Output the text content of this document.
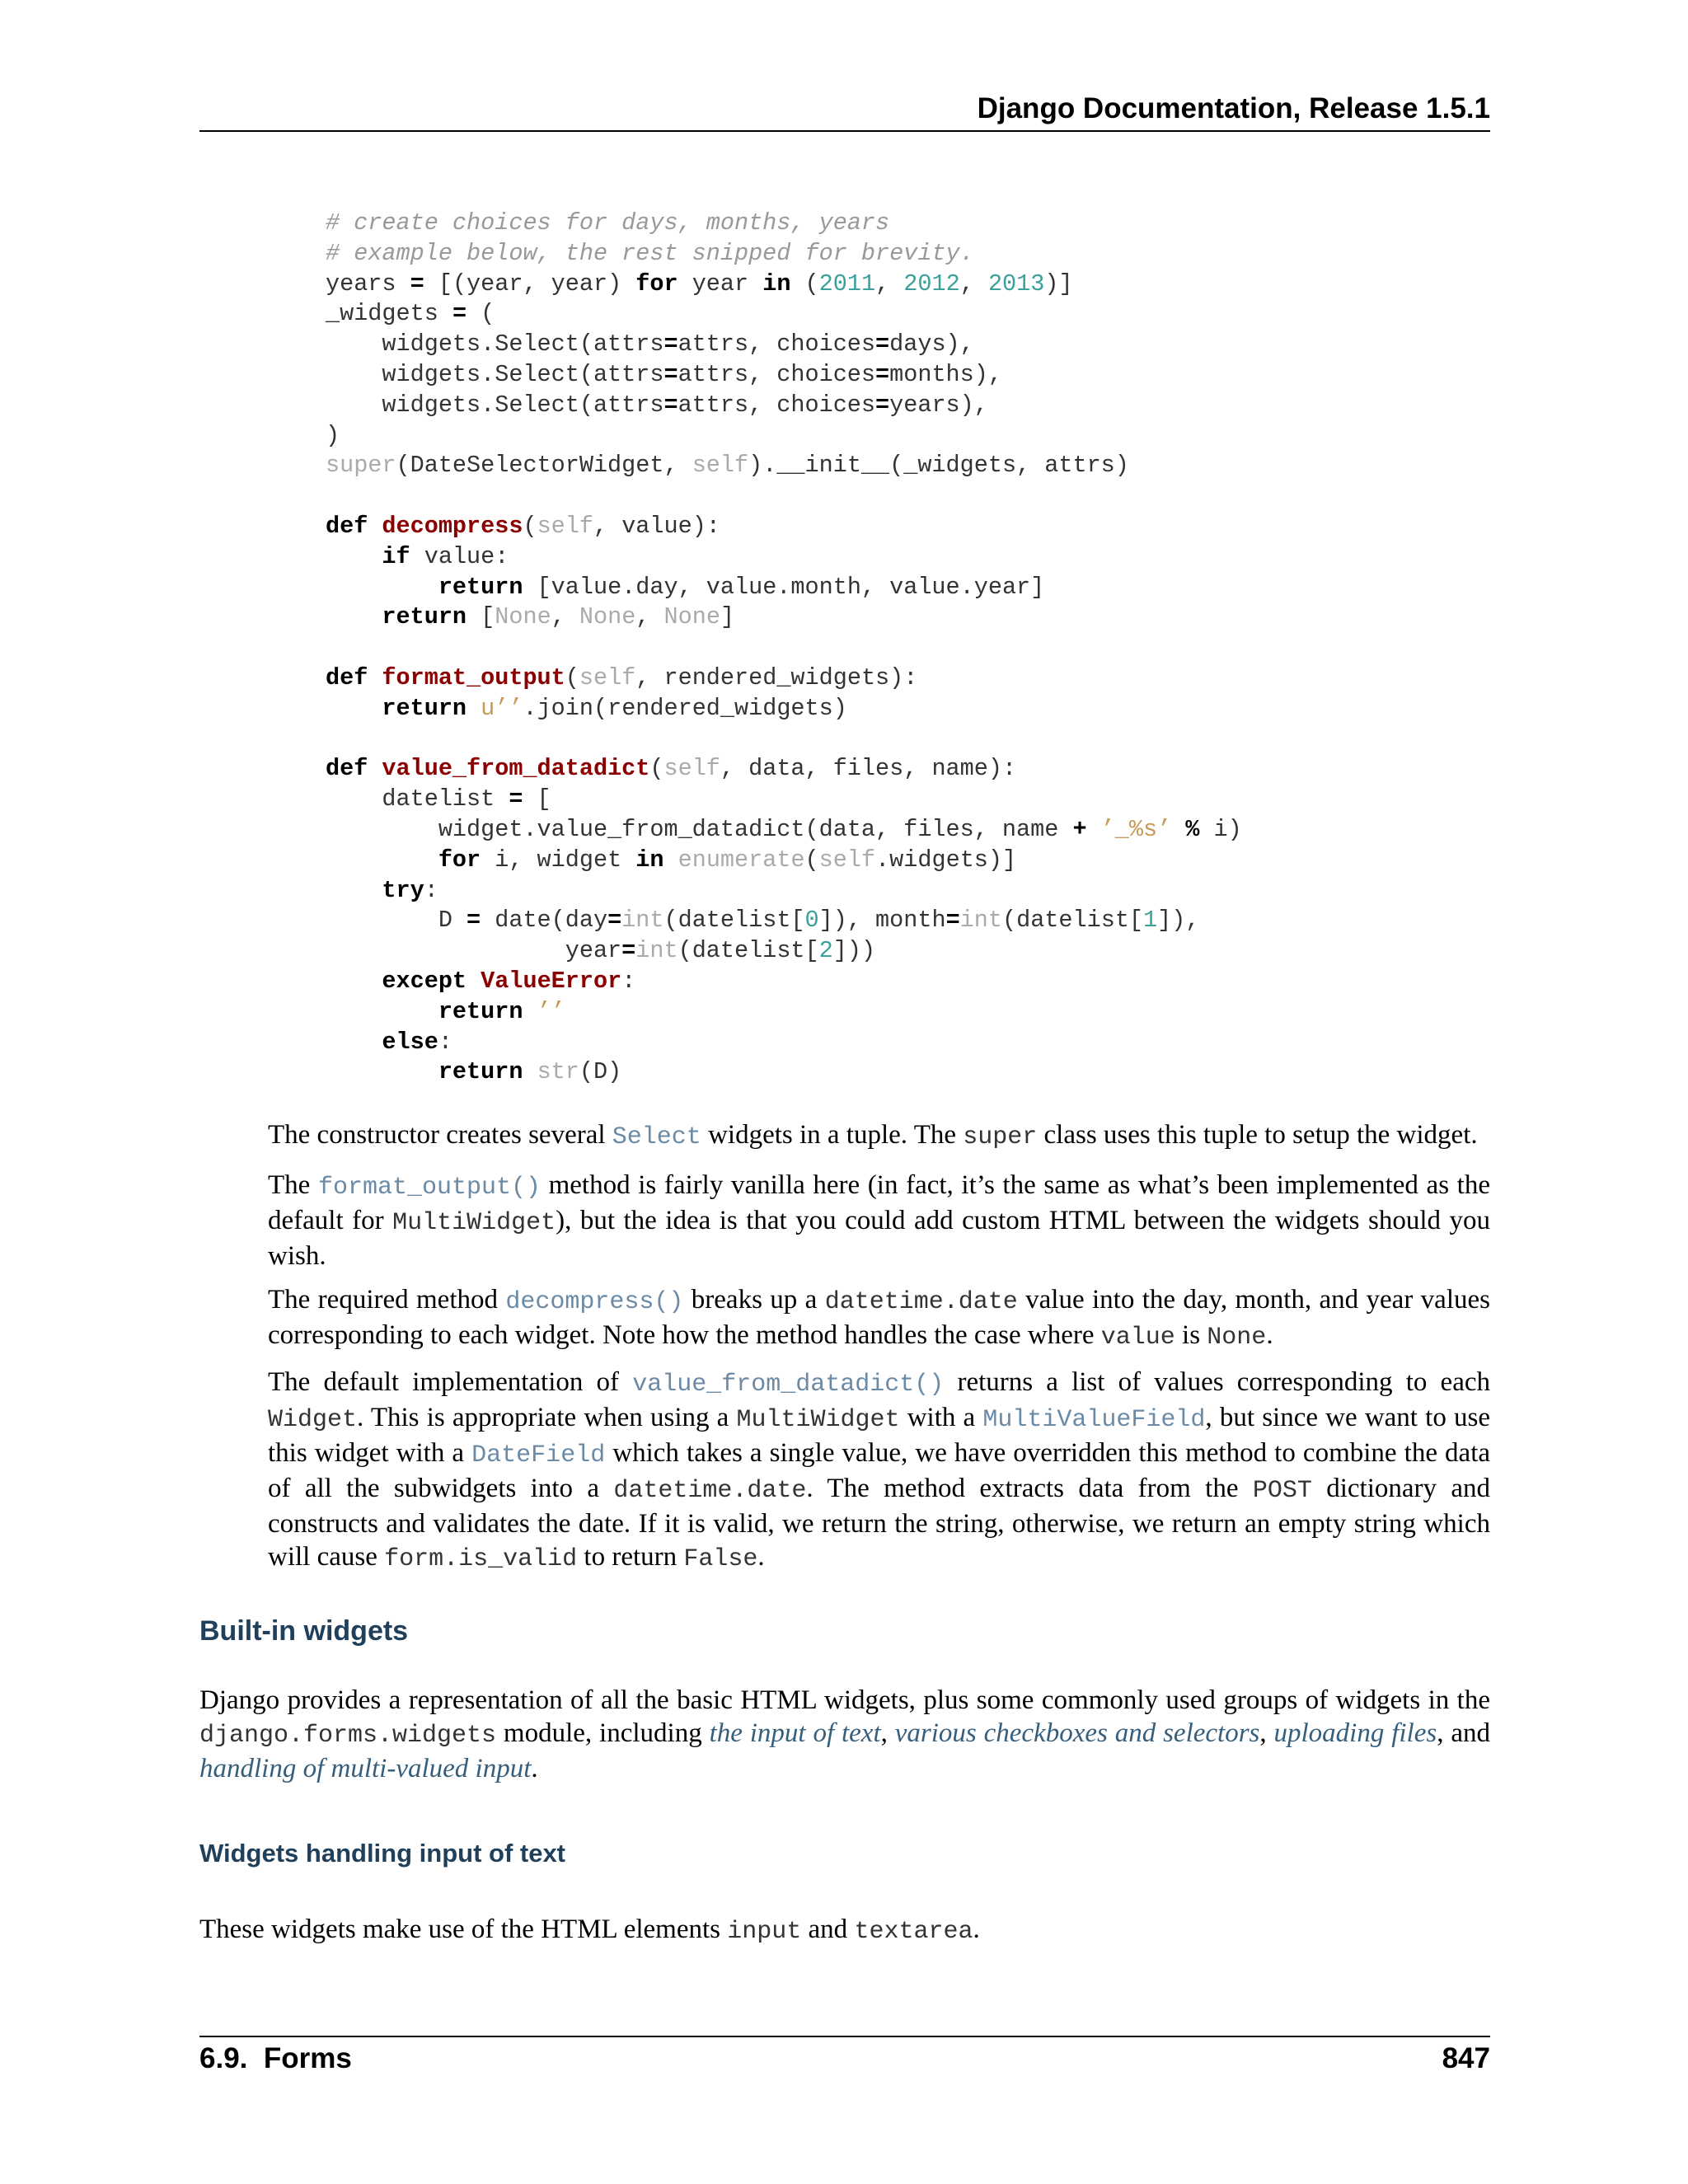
Django Documentation, Release 1.5.1
# create choices for days, months, years
# example below, the rest snipped for brevity.
years = [(year, year) for year in (2011, 2012, 2013)]
_widgets = (
widgets.Select(attrs=attrs, choices=days),
widgets.Select(attrs=attrs, choices=months),
widgets.Select(attrs=attrs, choices=years),
)
super(DateSelectorWidget, self).__init__(_widgets, attrs)

def decompress(self, value):
if value:
return [value.day, value.month, value.year]
return [None, None, None]

def format_output(self, rendered_widgets):
return u’’.join(rendered_widgets)

def value_from_datadict(self, data, files, name):
datelist = [
widget.value_from_datadict(data, files, name + ’_%s’ % i)
for i, widget in enumerate(self.widgets)]
try:
D = date(day=int(datelist[0]), month=int(datelist[1]),
year=int(datelist[2]))
except ValueError:
return ’’
else:
return str(D)

The constructor creates several Select widgets in a tuple. The super class uses this tuple to setup the widget.

The format_output() method is fairly vanilla here (in fact, it’s the same as what’s been implemented as the default for MultiWidget), but the idea is that you could add custom HTML between the widgets should you wish.

The required method decompress() breaks up a datetime.date value into the day, month, and year values corresponding to each widget. Note how the method handles the case where value is None.

The default implementation of value_from_datadict() returns a list of values corresponding to each Widget. This is appropriate when using a MultiWidget with a MultiValueField, but since we want to use this widget with a DateField which takes a single value, we have overridden this method to combine the data of all the subwidgets into a datetime.date. The method extracts data from the POST dictionary and constructs and validates the date. If it is valid, we return the string, otherwise, we return an empty string which will cause form.is_valid to return False.

Built-in widgets

Django provides a representation of all the basic HTML widgets, plus some commonly used groups of widgets in the django.forms.widgets module, including the input of text, various checkboxes and selectors, uploading files, and handling of multi-valued input.

Widgets handling input of text

These widgets make use of the HTML elements input and textarea.

6.9.  Forms	847
